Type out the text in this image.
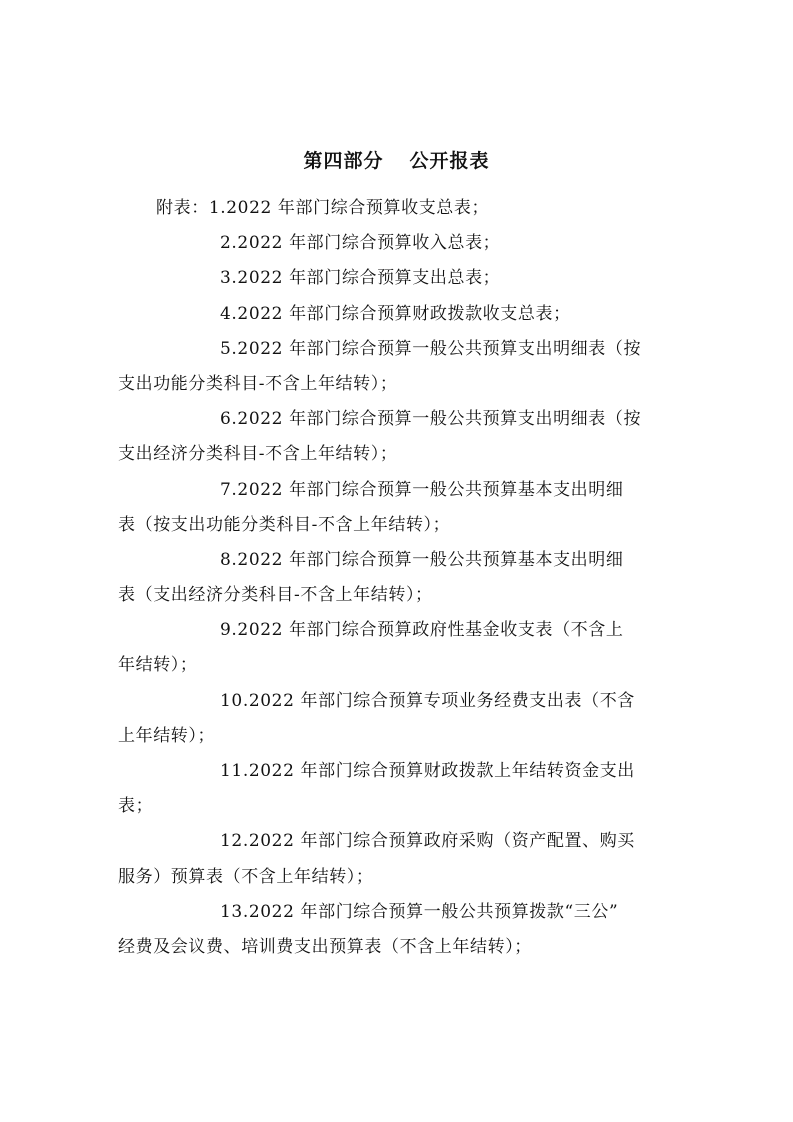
第四部分 公开报表
附表：1.2022 年部门综合预算收支总表；
2.2022 年部门综合预算收入总表；
3.2022 年部门综合预算支出总表；
4.2022 年部门综合预算财政拨款收支总表；
5.2022 年部门综合预算一般公共预算支出明细表（按
支出功能分类科目-不含上年结转）；
6.2022 年部门综合预算一般公共预算支出明细表（按
支出经济分类科目-不含上年结转）；
7.2022 年部门综合预算一般公共预算基本支出明细
表（按支出功能分类科目-不含上年结转）；
8.2022 年部门综合预算一般公共预算基本支出明细
表（支出经济分类科目-不含上年结转）；
9.2022 年部门综合预算政府性基金收支表（不含上
年结转）；
10.2022 年部门综合预算专项业务经费支出表（不含
上年结转）；
11.2022 年部门综合预算财政拨款上年结转资金支出
表；
12.2022 年部门综合预算政府采购（资产配置、购买
服务）预算表（不含上年结转）；
13.2022 年部门综合预算一般公共预算拨款“三公”
经费及会议费、培训费支出预算表（不含上年结转）；
